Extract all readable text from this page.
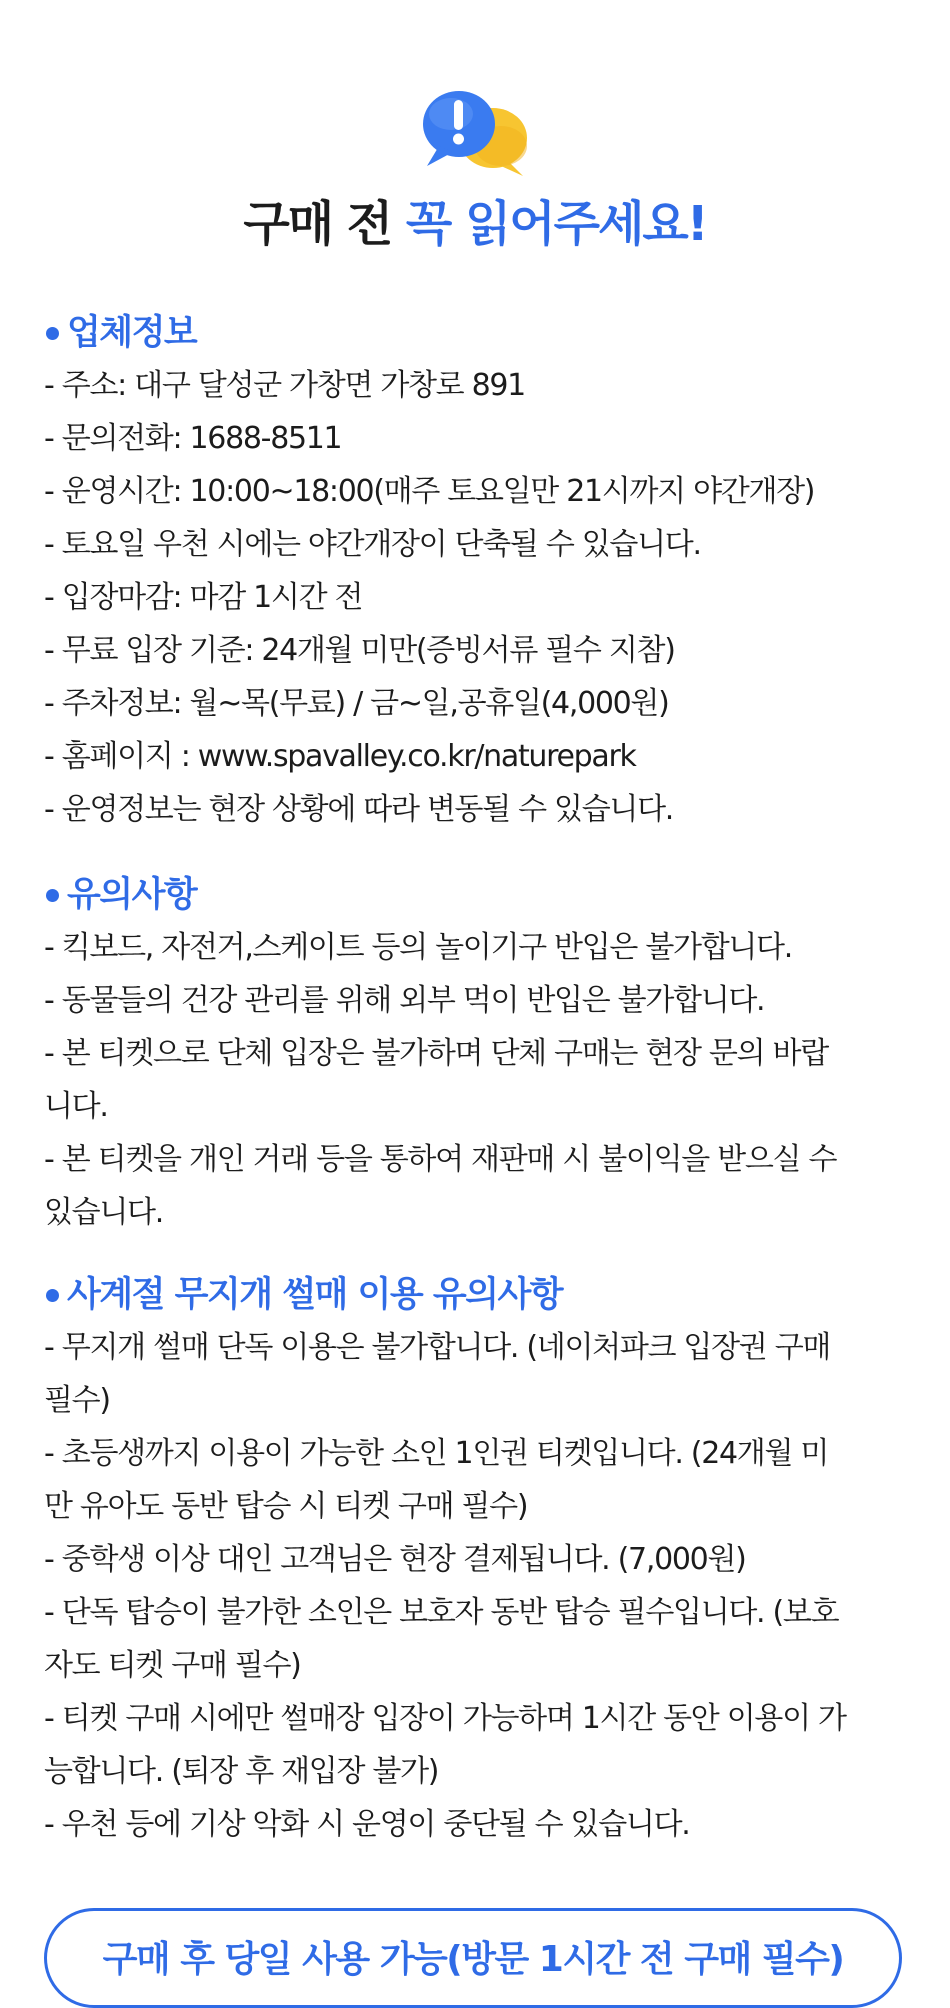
구매 전 꼭 읽어주세요!
업체정보
- 주소: 대구 달성군 가창면 가창로 891
- 문의전화: 1688-8511
- 운영시간: 10:00~18:00(매주 토요일만 21시까지 야간개장)
- 토요일 우천 시에는 야간개장이 단축될 수 있습니다.
- 입장마감: 마감 1시간 전
- 무료 입장 기준: 24개월 미만(증빙서류 필수 지참)
- 주차정보: 월~목(무료) / 금~일,공휴일(4,000원)
- 홈페이지 : www.spavalley.co.kr/naturepark
- 운영정보는 현장 상황에 따라 변동될 수 있습니다.
유의사항
- 킥보드, 자전거,스케이트 등의 놀이기구 반입은 불가합니다.
- 동물들의 건강 관리를 위해 외부 먹이 반입은 불가합니다.
- 본 티켓으로 단체 입장은 불가하며 단체 구매는 현장 문의 바랍
니다.
- 본 티켓을 개인 거래 등을 통하여 재판매 시 불이익을 받으실 수
있습니다.
사계절 무지개 썰매 이용 유의사항
- 무지개 썰매 단독 이용은 불가합니다. (네이처파크 입장권 구매
필수)
- 초등생까지 이용이 가능한 소인 1인권 티켓입니다. (24개월 미
만 유아도 동반 탑승 시 티켓 구매 필수)
- 중학생 이상 대인 고객님은 현장 결제됩니다. (7,000원)
- 단독 탑승이 불가한 소인은 보호자 동반 탑승 필수입니다. (보호
자도 티켓 구매 필수)
- 티켓 구매 시에만 썰매장 입장이 가능하며 1시간 동안 이용이 가
능합니다. (퇴장 후 재입장 불가)
- 우천 등에 기상 악화 시 운영이 중단될 수 있습니다.
구매 후 당일 사용 가능(방문 1시간 전 구매 필수)
